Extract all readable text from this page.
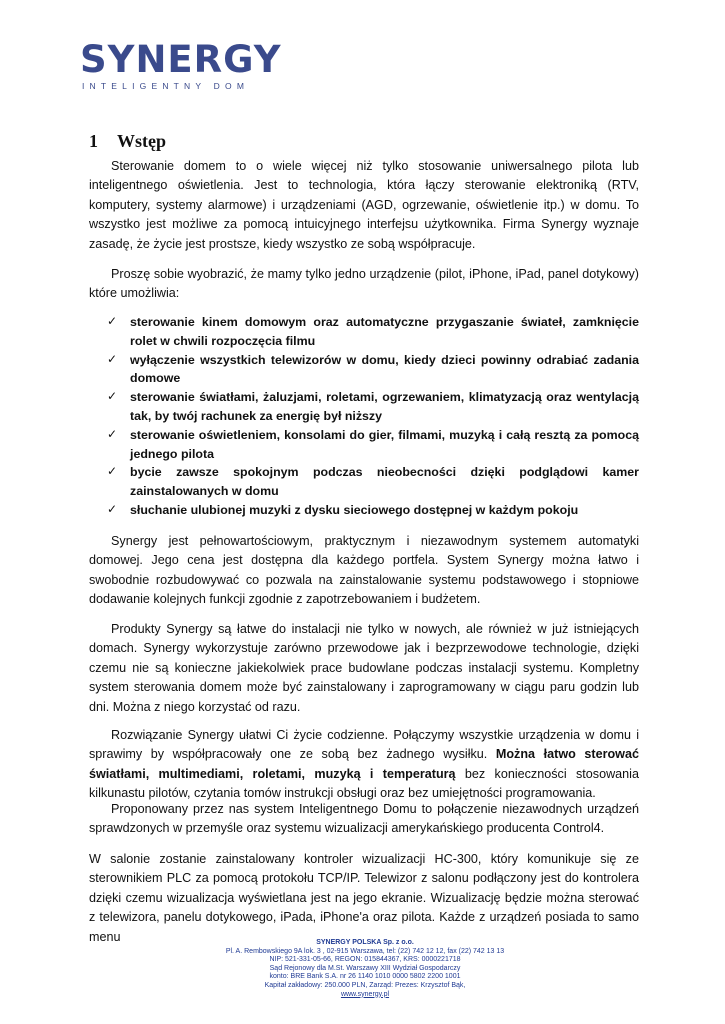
SYNERGY
INTELIGENTNY DOM
1 Wstęp
Sterowanie domem to o wiele więcej niż tylko stosowanie uniwersalnego pilota lub inteligentnego oświetlenia. Jest to technologia, która łączy sterowanie elektroniką (RTV, komputery, systemy alarmowe) i urządzeniami (AGD, ogrzewanie, oświetlenie itp.) w domu. To wszystko jest możliwe za pomocą intuicyjnego interfejsu użytkownika. Firma Synergy wyznaje zasadę, że życie jest prostsze, kiedy wszystko ze sobą współpracuje.
Proszę sobie wyobrazić, że mamy tylko jedno urządzenie (pilot, iPhone, iPad, panel dotykowy) które umożliwia:
✓ sterowanie kinem domowym oraz automatyczne przygaszanie świateł, zamknięcie rolet w chwili rozpoczęcia filmu
✓ wyłączenie wszystkich telewizorów w domu, kiedy dzieci powinny odrabiać zadania domowe
✓ sterowanie światłami, żaluzjami, roletami, ogrzewaniem, klimatyzacją oraz wentylacją tak, by twój rachunek za energię był niższy
✓ sterowanie oświetleniem, konsolami do gier, filmami, muzyką i całą resztą za pomocą jednego pilota
✓ bycie zawsze spokojnym podczas nieobecności dzięki podglądowi kamer zainstalowanych w domu
✓ słuchanie ulubionej muzyki z dysku sieciowego dostępnej w każdym pokoju
Synergy jest pełnowartościowym, praktycznym i niezawodnym systemem automatyki domowej. Jego cena jest dostępna dla każdego portfela. System Synergy można łatwo i swobodnie rozbudowywać co pozwala na zainstalowanie systemu podstawowego i stopniowe dodawanie kolejnych funkcji zgodnie z zapotrzebowaniem i budżetem.
Produkty Synergy są łatwe do instalacji nie tylko w nowych, ale również w już istniejących domach. Synergy wykorzystuje zarówno przewodowe jak i bezprzewodowe technologie, dzięki czemu nie są konieczne jakiekolwiek prace budowlane podczas instalacji systemu. Kompletny system sterowania domem może być zainstalowany i zaprogramowany w ciągu paru godzin lub dni. Można z niego korzystać od razu.
Rozwiązanie Synergy ułatwi Ci życie codzienne. Połączymy wszystkie urządzenia w domu i sprawimy by współpracowały one ze sobą bez żadnego wysiłku. Można łatwo sterować światłami, multimediami, roletami, muzyką i temperaturą bez konieczności stosowania kilkunastu pilotów, czytania tomów instrukcji obsługi oraz bez umiejętności programowania.
Proponowany przez nas system Inteligentnego Domu to połączenie niezawodnych urządzeń sprawdzonych w przemyśle oraz systemu wizualizacji amerykańskiego producenta Control4.
W salonie zostanie zainstalowany kontroler wizualizacji HC-300, który komunikuje się ze sterownikiem PLC za pomocą protokołu TCP/IP. Telewizor z salonu podłączony jest do kontrolera dzięki czemu wizualizacja wyświetlana jest na jego ekranie. Wizualizację będzie można sterować z telewizora, panelu dotykowego, iPada, iPhone'a oraz pilota. Każde z urządzeń posiada to samo menu	SYNERGY POLSKA Sp. z o.o.
Pl. A. Rembowskiego 9A lok. 3 , 02-915 Warszawa, tel: (22) 742 12 12, fax (22) 742 13 13
NIP: 521-331-05-66, REGON: 015844367, KRS: 0000221718
Sąd Rejonowy dla M.St. Warszawy XIII Wydział Gospodarczy
konto: BRE Bank S.A. nr 26 1140 1010 0000 5802 2200 1001
Kapitał zakładowy: 250.000 PLN, Zarząd: Prezes: Krzysztof Bąk,
www.synergy.pl
